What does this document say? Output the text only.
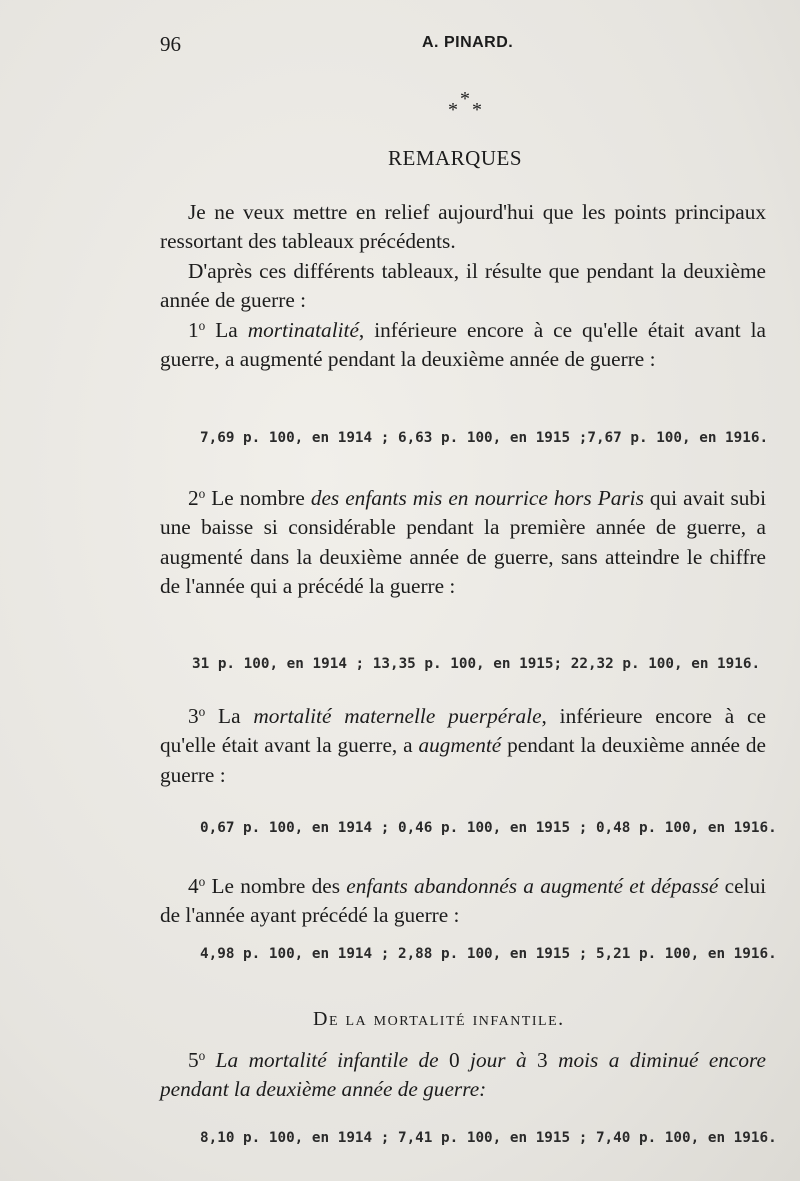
96	A. PINARD.
*
* *
REMARQUES

Je ne veux mettre en relief aujourd'hui que les points principaux ressortant des tableaux précédents.

D'après ces différents tableaux, il résulte que pendant la deuxième année de guerre :

1$^o$ La mortinatalité, inférieure encore à ce qu'elle était avant la guerre, a augmenté pendant la deuxième année de guerre :

7,69 p. 100, en 1914 ; 6,63 p. 100, en 1915 ;7,67 p. 100, en 1916.

2$^o$ Le nombre des enfants mis en nourrice hors Paris qui avait subi une baisse si considérable pendant la première année de guerre, a augmenté dans la deuxième année de guerre, sans atteindre le chiffre de l'année qui a précédé la guerre :

31 p. 100, en 1914 ; 13,35 p. 100, en 1915; 22,32 p. 100, en 1916.

3$^o$ La mortalité maternelle puerpérale, inférieure encore à ce qu'elle était avant la guerre, a augmenté pendant la deuxième année de guerre :

0,67 p. 100, en 1914 ; 0,46 p. 100, en 1915 ; 0,48 p. 100, en 1916.

4$^o$ Le nombre des enfants abandonnés a augmenté et dépassé celui de l'année ayant précédé la guerre :

4,98 p. 100, en 1914 ; 2,88 p. 100, en 1915 ; 5,21 p. 100, en 1916.
De la mortalité infantile.

5$^o$ La mortalité infantile de 0 jour à 3 mois a diminué encore pendant la deuxième année de guerre:

8,10 p. 100, en 1914 ; 7,41 p. 100, en 1915 ; 7,40 p. 100, en 1916.
